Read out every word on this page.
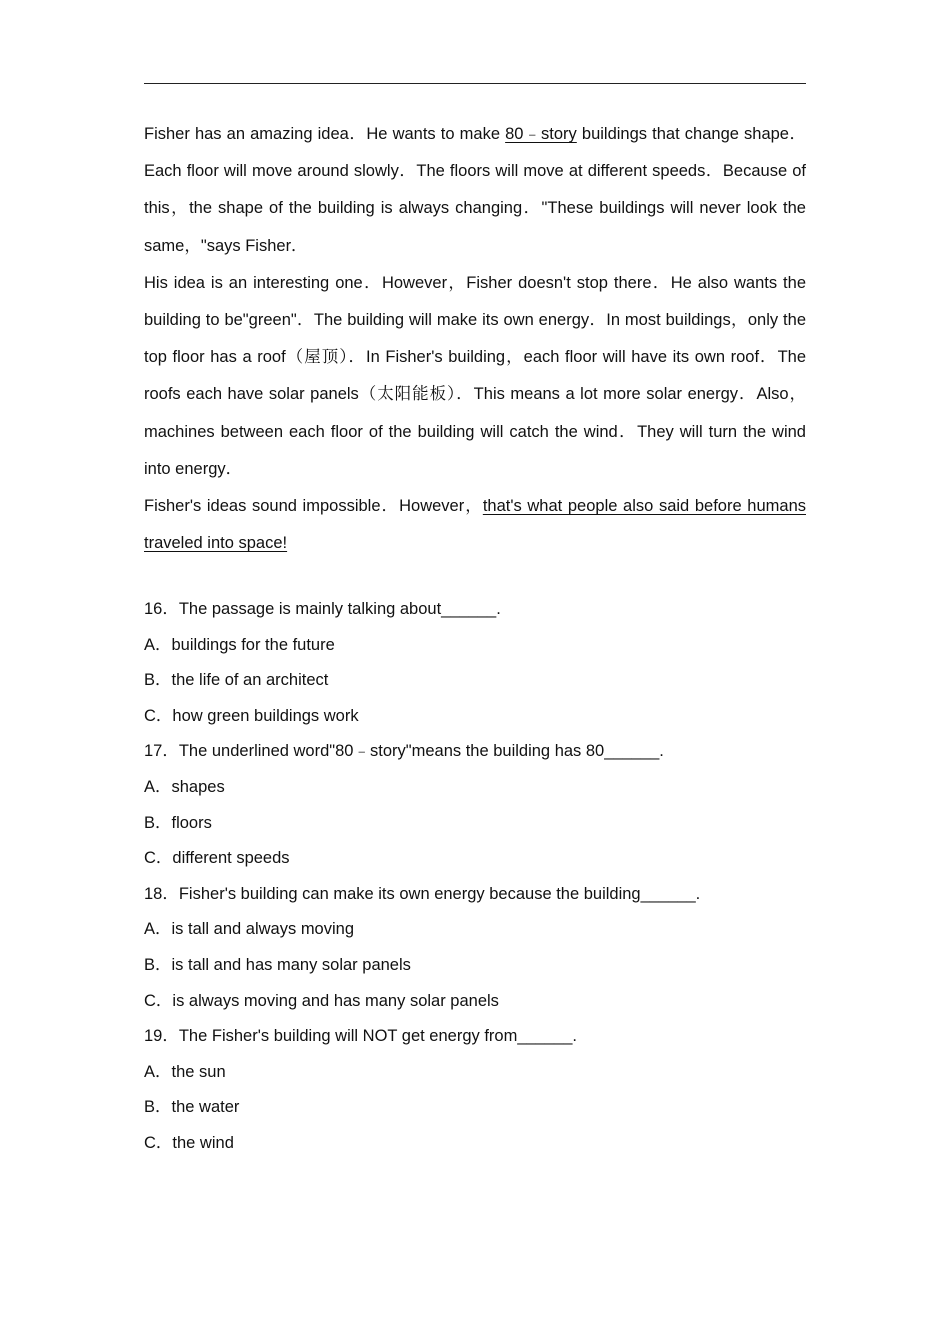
Fisher has an amazing idea．He wants to make 80﹣story buildings that change shape．Each floor will move around slowly．The floors will move at different speeds．Because of this，the shape of the building is always changing．"These buildings will never look the same，"says Fisher．

His idea is an interesting one．However，Fisher doesn't stop there．He also wants the building to be"green"．The building will make its own energy．In most buildings，only the top floor has a roof（屋顶）．In Fisher's building，each floor will have its own roof．The roofs each have solar panels（太阳能板）．This means a lot more solar energy．Also，machines between each floor of the building will catch the wind．They will turn the wind into energy．

Fisher's ideas sound impossible．However，that's what people also said before humans traveled into space!

16．The passage is mainly talking about______.
A．buildings for the future
B．the life of an architect
C．how green buildings work
17．The underlined word"80﹣story"means the building has 80______.
A．shapes
B．floors
C．different speeds
18．Fisher's building can make its own energy because the building______.
A．is tall and always moving
B．is tall and has many solar panels
C．is always moving and has many solar panels
19．The Fisher's building will NOT get energy from______.
A．the sun
B．the water
C．the wind
